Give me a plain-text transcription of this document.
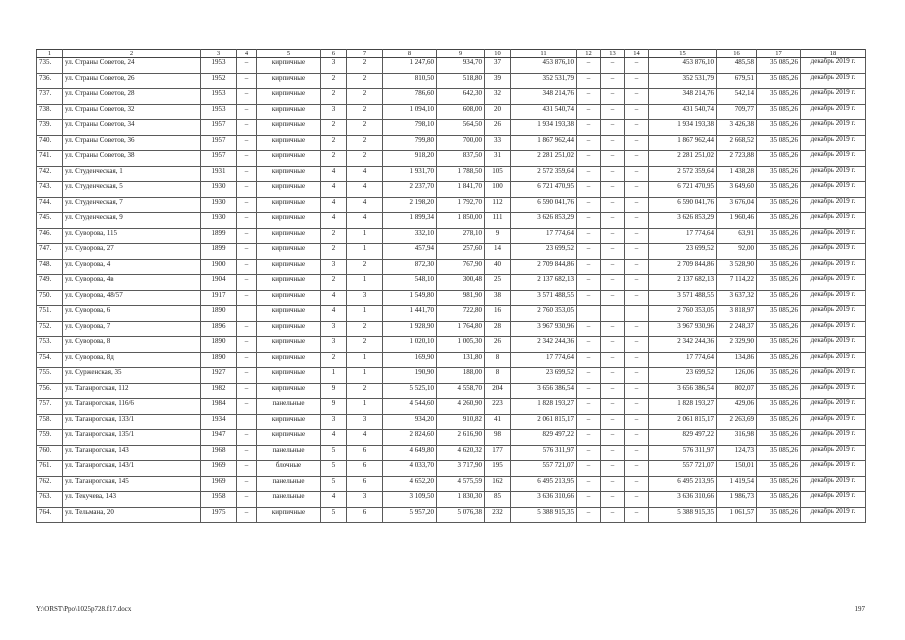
1	2	3	4	5	6	7	8	9	10	11	12	13	14	15	16	17	18
735.	ул. Страны Советов, 24	1953	–	кирпичные	3	2	1 247,60	934,70	37	453 876,10	–	–	–	453 876,10	485,58	35 085,26	декабрь 2019 г.
736.	ул. Страны Советов, 26	1952	–	кирпичные	2	2	810,50	518,80	39	352 531,79	–	–	–	352 531,79	679,51	35 085,26	декабрь 2019 г.
737.	ул. Страны Советов, 28	1953	–	кирпичные	2	2	786,60	642,30	32	348 214,76	–	–	–	348 214,76	542,14	35 085,26	декабрь 2019 г.
738.	ул. Страны Советов, 32	1953	–	кирпичные	3	2	1 094,10	608,00	20	431 540,74	–	–	–	431 540,74	709,77	35 085,26	декабрь 2019 г.
739.	ул. Страны Советов, 34	1957	–	кирпичные	2	2	798,10	564,50	26	1 934 193,38	–	–	–	1 934 193,38	3 426,38	35 085,26	декабрь 2019 г.
740.	ул. Страны Советов, 36	1957	–	кирпичные	2	2	799,80	700,00	33	1 867 962,44	–	–	–	1 867 962,44	2 668,52	35 085,26	декабрь 2019 г.
741.	ул. Страны Советов, 38	1957	–	кирпичные	2	2	918,20	837,50	31	2 281 251,02	–	–	–	2 281 251,02	2 723,88	35 085,26	декабрь 2019 г.
742.	ул. Студенческая, 1	1931	–	кирпичные	4	4	1 931,70	1 788,50	105	2 572 359,64	–	–	–	2 572 359,64	1 438,28	35 085,26	декабрь 2019 г.
743.	ул. Студенческая, 5	1930	–	кирпичные	4	4	2 237,70	1 841,70	100	6 721 470,95	–	–	–	6 721 470,95	3 649,60	35 085,26	декабрь 2019 г.
744.	ул. Студенческая, 7	1930	–	кирпичные	4	4	2 198,20	1 792,70	112	6 590 041,76	–	–	–	6 590 041,76	3 676,04	35 085,26	декабрь 2019 г.
745.	ул. Студенческая, 9	1930	–	кирпичные	4	4	1 899,34	1 850,00	111	3 626 853,29	–	–	–	3 626 853,29	1 960,46	35 085,26	декабрь 2019 г.
746.	ул. Суворова, 115	1899	–	кирпичные	2	1	332,10	278,10	9	17 774,64	–	–	–	17 774,64	63,91	35 085,26	декабрь 2019 г.
747.	ул. Суворова, 27	1899	–	кирпичные	2	1	457,94	257,60	14	23 699,52	–	–	–	23 699,52	92,00	35 085,26	декабрь 2019 г.
748.	ул. Суворова, 4	1900	–	кирпичные	3	2	872,30	767,90	40	2 709 844,86	–	–	–	2 709 844,86	3 528,90	35 085,26	декабрь 2019 г.
749.	ул. Суворова, 4в	1904	–	кирпичные	2	1	548,10	300,48	25	2 137 682,13	–	–	–	2 137 682,13	7 114,22	35 085,26	декабрь 2019 г.
750.	ул. Суворова, 48/57	1917	–	кирпичные	4	3	1 549,80	981,90	38	3 571 488,55	–	–	–	3 571 488,55	3 637,32	35 085,26	декабрь 2019 г.
751.	ул. Суворова, 6	1890		кирпичные	4	1	1 441,70	722,80	16	2 760 353,05				2 760 353,05	3 818,97	35 085,26	декабрь 2019 г.
752.	ул. Суворова, 7	1896	–	кирпичные	3	2	1 928,90	1 764,80	28	3 967 930,96	–	–	–	3 967 930,96	2 248,37	35 085,26	декабрь 2019 г.
753.	ул. Суворова, 8	1890	–	кирпичные	3	2	1 020,10	1 005,30	26	2 342 244,36	–	–	–	2 342 244,36	2 329,90	35 085,26	декабрь 2019 г.
754.	ул. Суворова, 8д	1890	–	кирпичные	2	1	169,90	131,80	8	17 774,64	–	–	–	17 774,64	134,86	35 085,26	декабрь 2019 г.
755.	ул. Сурженская, 35	1927	–	кирпичные	1	1	190,90	188,00	8	23 699,52	–	–	–	23 699,52	126,06	35 085,26	декабрь 2019 г.
756.	ул. Таганрогская, 112	1982	–	кирпичные	9	2	5 525,10	4 558,70	204	3 656 386,54	–	–	–	3 656 386,54	802,07	35 085,26	декабрь 2019 г.
757.	ул. Таганрогская, 116/6	1984	–	панельные	9	1	4 544,60	4 260,90	223	1 828 193,27	–	–	–	1 828 193,27	429,06	35 085,26	декабрь 2019 г.
758.	ул. Таганрогская, 133/1	1934		кирпичные	3	3	934,20	910,82	41	2 061 815,17	–	–	–	2 061 815,17	2 263,69	35 085,26	декабрь 2019 г.
759.	ул. Таганрогская, 135/1	1947	–	кирпичные	4	4	2 824,60	2 616,90	98	829 497,22	–	–	–	829 497,22	316,98	35 085,26	декабрь 2019 г.
760.	ул. Таганрогская, 143	1968	–	панельные	5	6	4 649,80	4 620,32	177	576 311,97	–	–	–	576 311,97	124,73	35 085,26	декабрь 2019 г.
761.	ул. Таганрогская, 143/1	1969	–	блочные	5	6	4 033,70	3 717,90	195	557 721,07	–	–	–	557 721,07	150,01	35 085,26	декабрь 2019 г.
762.	ул. Таганрогская, 145	1969	–	панельные	5	6	4 652,20	4 575,59	162	6 495 213,95	–	–	–	6 495 213,95	1 419,54	35 085,26	декабрь 2019 г.
763.	ул. Текучева, 143	1958	–	панельные	4	3	3 109,50	1 830,30	85	3 636 310,66	–	–	–	3 636 310,66	1 986,73	35 085,26	декабрь 2019 г.
764.	ул. Тельмана, 20	1975	–	кирпичные	5	6	5 957,20	5 076,38	232	5 388 915,35	–	–	–	5 388 915,35	1 061,57	35 085,26	декабрь 2019 г.
Y:\ORST\Ppo\1025p728.f17.docx	197
